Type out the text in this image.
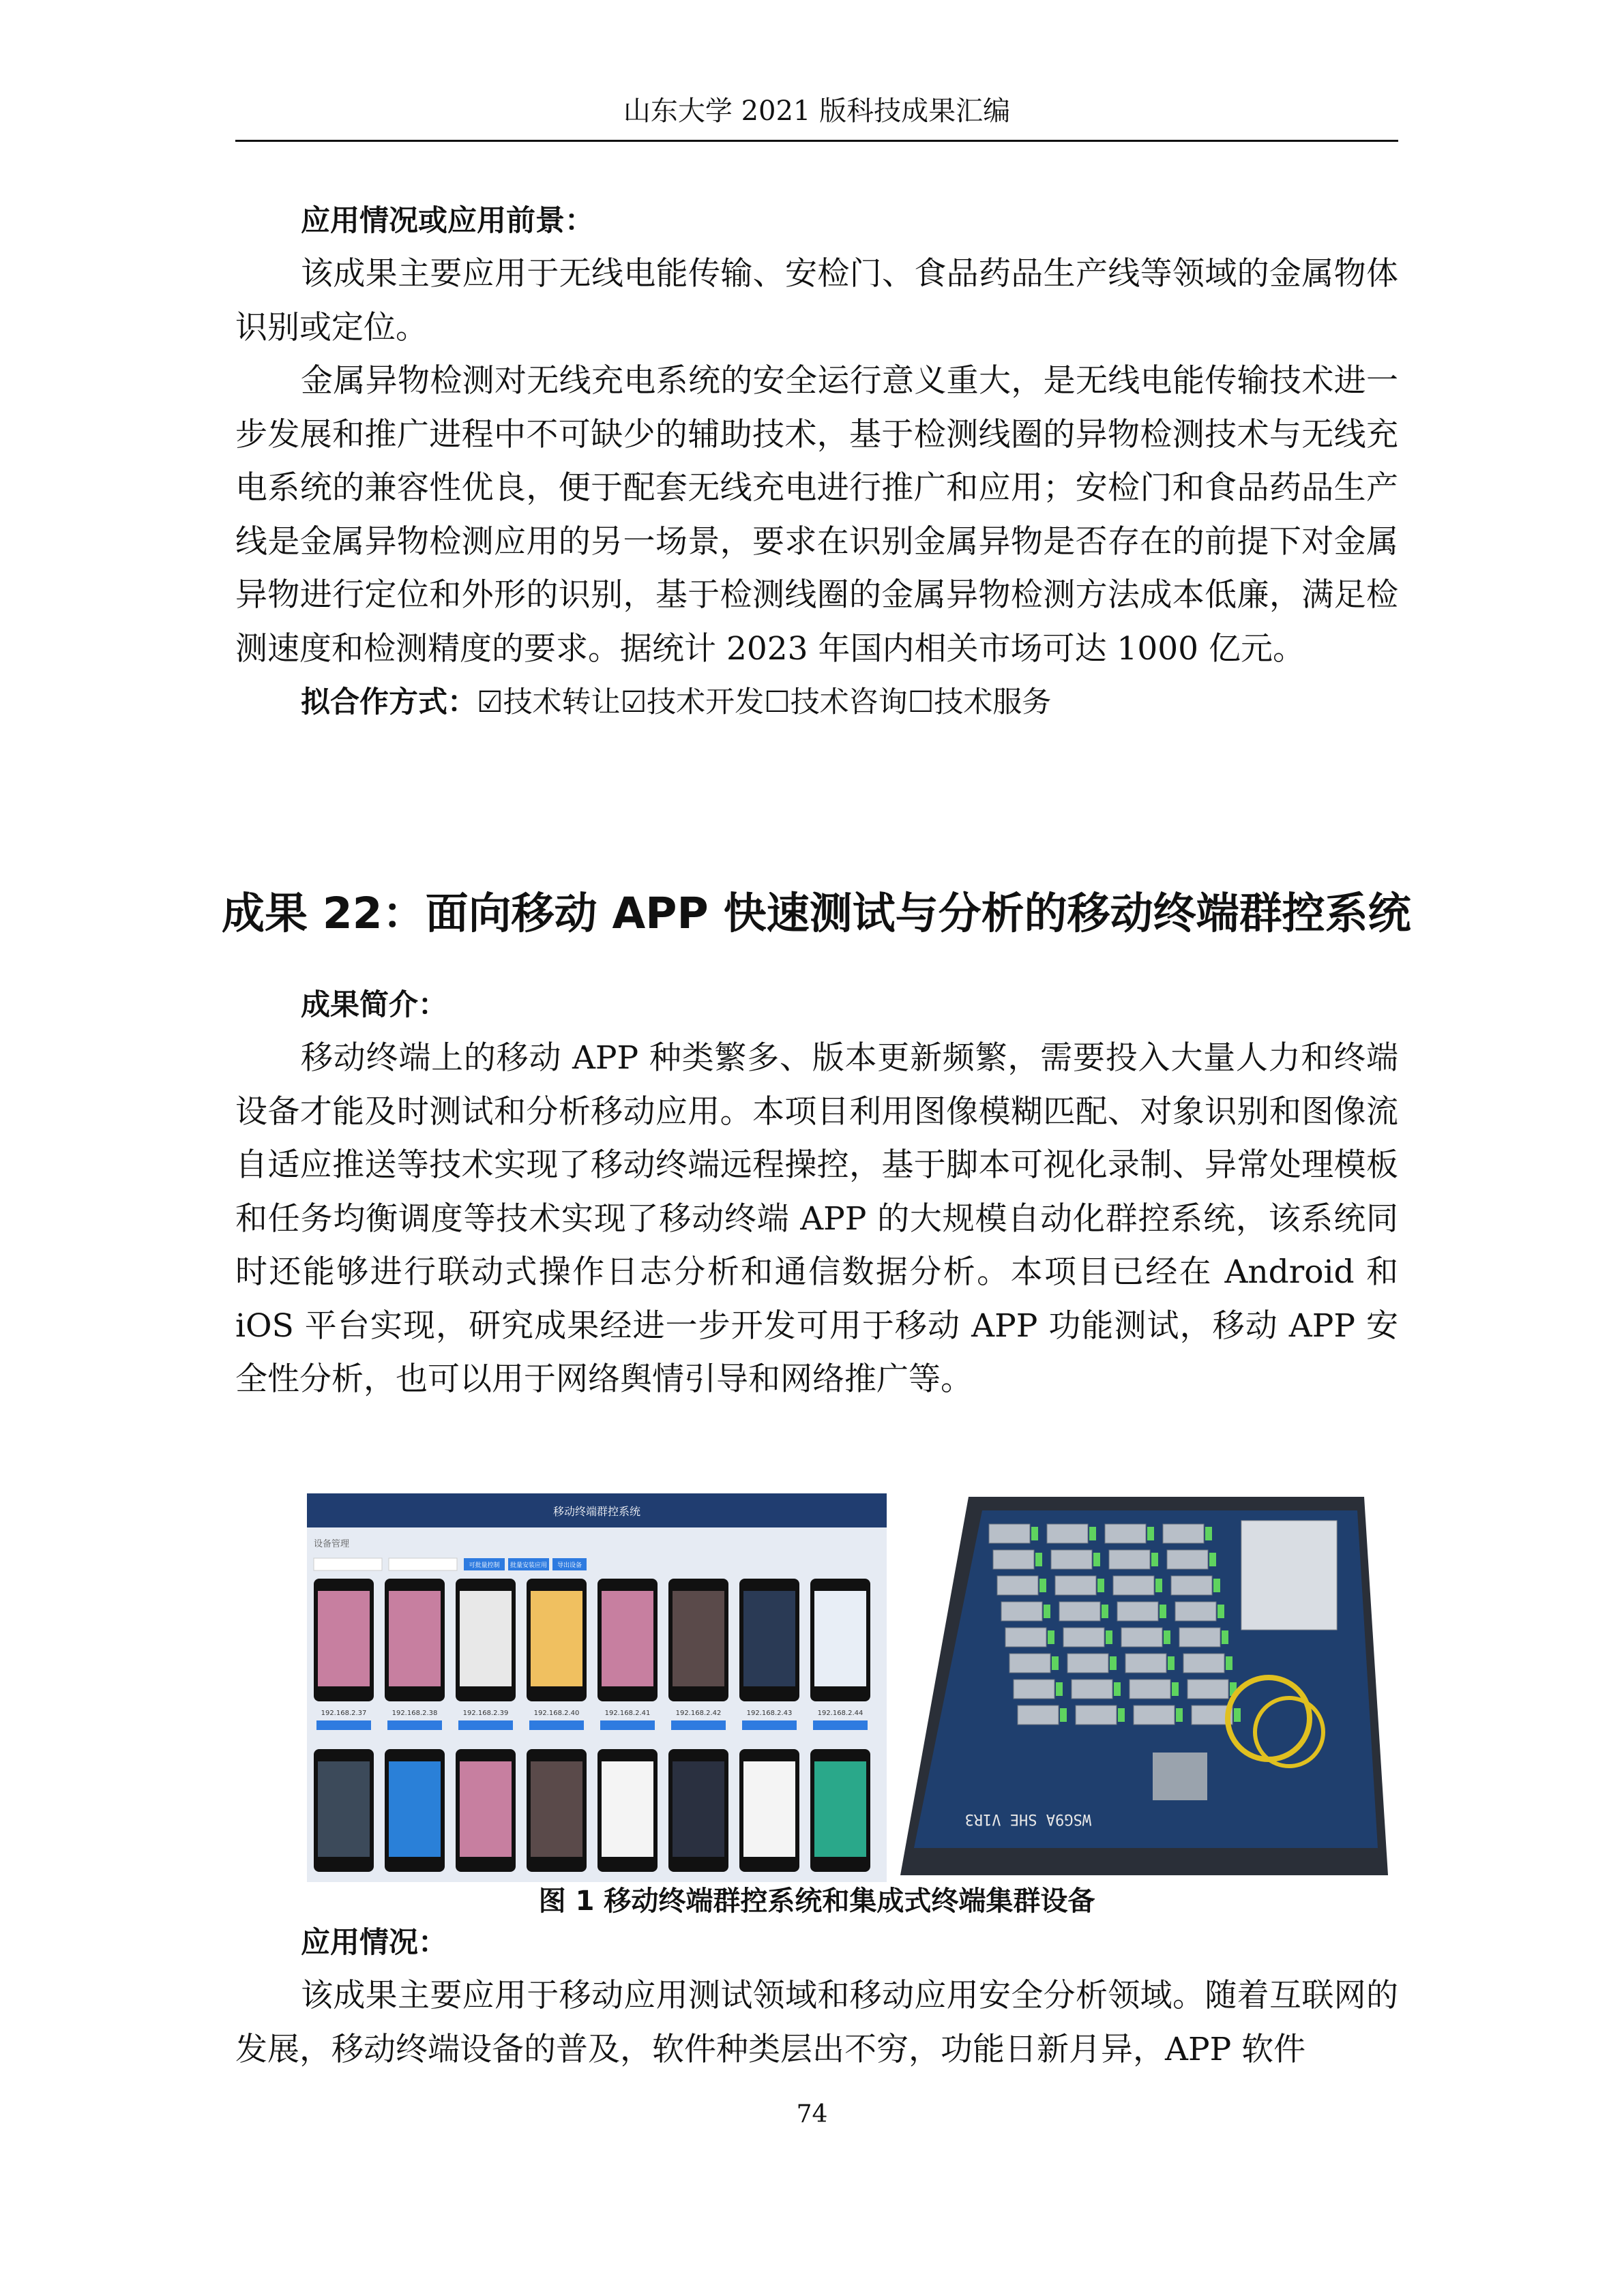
山东大学 2021 版科技成果汇编
应用情况或应用前景：

该成果主要应用于无线电能传输、安检门、食品药品生产线等领域的金属物体识别或定位。

金属异物检测对无线充电系统的安全运行意义重大，是无线电能传输技术进一步发展和推广进程中不可缺少的辅助技术，基于检测线圈的异物检测技术与无线充电系统的兼容性优良，便于配套无线充电进行推广和应用；安检门和食品药品生产线是金属异物检测应用的另一场景，要求在识别金属异物是否存在的前提下对金属异物进行定位和外形的识别，基于检测线圈的金属异物检测方法成本低廉，满足检测速度和检测精度的要求。据统计 2023 年国内相关市场可达 1000 亿元。

拟合作方式：☑技术转让☑技术开发☐技术咨询☐技术服务
成果 22：面向移动 APP 快速测试与分析的移动终端群控系统
成果简介：

移动终端上的移动 APP 种类繁多、版本更新频繁，需要投入大量人力和终端设备才能及时测试和分析移动应用。本项目利用图像模糊匹配、对象识别和图像流自适应推送等技术实现了移动终端远程操控，基于脚本可视化录制、异常处理模板和任务均衡调度等技术实现了移动终端 APP 的大规模自动化群控系统，该系统同时还能够进行联动式操作日志分析和通信数据分析。本项目已经在 Android 和 iOS 平台实现，研究成果经进一步开发可用于移动 APP 功能测试，移动 APP 安全性分析，也可以用于网络舆情引导和网络推广等。

移动终端群控系统
设备管理
可批量控制 批量安装应用 导出设备
192.168.2.37	192.168.2.38	192.168.2.39	192.168.2.40	192.168.2.41	192.168.2.42	192.168.2.43	192.168.2.44
WSG9A SHE V1R3
图 1 移动终端群控系统和集成式终端集群设备
应用情况：

该成果主要应用于移动应用测试领域和移动应用安全分析领域。随着互联网的发展，移动终端设备的普及，软件种类层出不穷，功能日新月异，APP 软件

74
